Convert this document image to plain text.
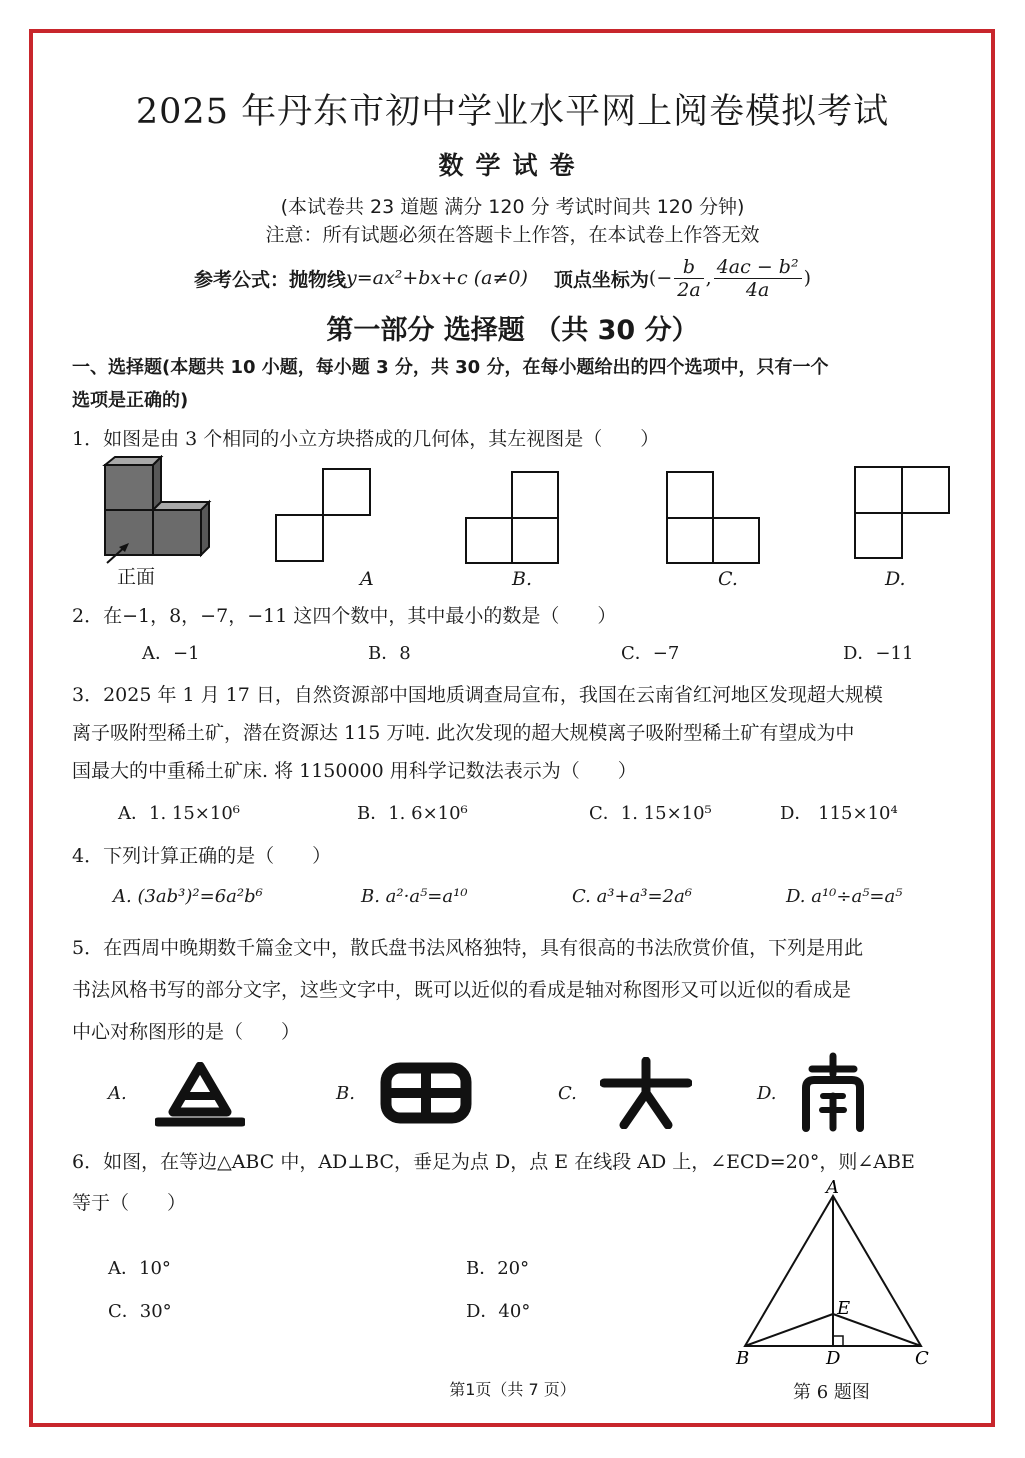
2025 年丹东市初中学业水平网上阅卷模拟考试
数学试卷
(本试卷共 23 道题 满分 120 分 考试时间共 120 分钟)
注意：所有试题必须在答题卡上作答，在本试卷上作答无效
参考公式：抛物线 y=ax²+bx+c (a≠0) 顶点坐标为 (− $\frac{b}{2a}$ , $\frac{\text{4ac − b²}}{4a}$ )
第一部分 选择题 （共 30 分）
一、选择题(本题共 10 小题，每小题 3 分，共 30 分，在每小题给出的四个选项中，只有一个
选项是正确的)
1．如图是由 3 个相同的小立方块搭成的几何体，其左视图是（　　）
正面	A	B.	C.	D.
2．在−1，8，−7，−11 这四个数中，其中最小的数是（　　）
A．−1	B．8	C．−7	D．−11
3．2025 年 1 月 17 日，自然资源部中国地质调查局宣布，我国在云南省红河地区发现超大规模
离子吸附型稀土矿，潜在资源达 115 万吨. 此次发现的超大规模离子吸附型稀土矿有望成为中
国最大的中重稀土矿床. 将 1150000 用科学记数法表示为（　　）
A．1. 15×10⁶	B．1. 6×10⁶	C．1. 15×10⁵	D． 115×10⁴
4．下列计算正确的是（　　）
A. (3ab³)²=6a²b⁶	B. a²·a⁵=a¹⁰	C. a³+a³=2a⁶	D. a¹⁰÷a⁵=a⁵
5．在西周中晚期数千篇金文中，散氏盘书法风格独特，具有很高的书法欣赏价值，下列是用此
书法风格书写的部分文字，这些文字中，既可以近似的看成是轴对称图形又可以近似的看成是
中心对称图形的是（　　）
A.	B.	C.	D.
6．如图，在等边△ABC 中，AD⊥BC，垂足为点 D，点 E 在线段 AD 上，∠ECD=20°，则∠ABE
等于（　　）
A．10°	B．20°
C．30°	D．40°
A
B	C
D
E
第 6 题图
第1页（共 7 页）
